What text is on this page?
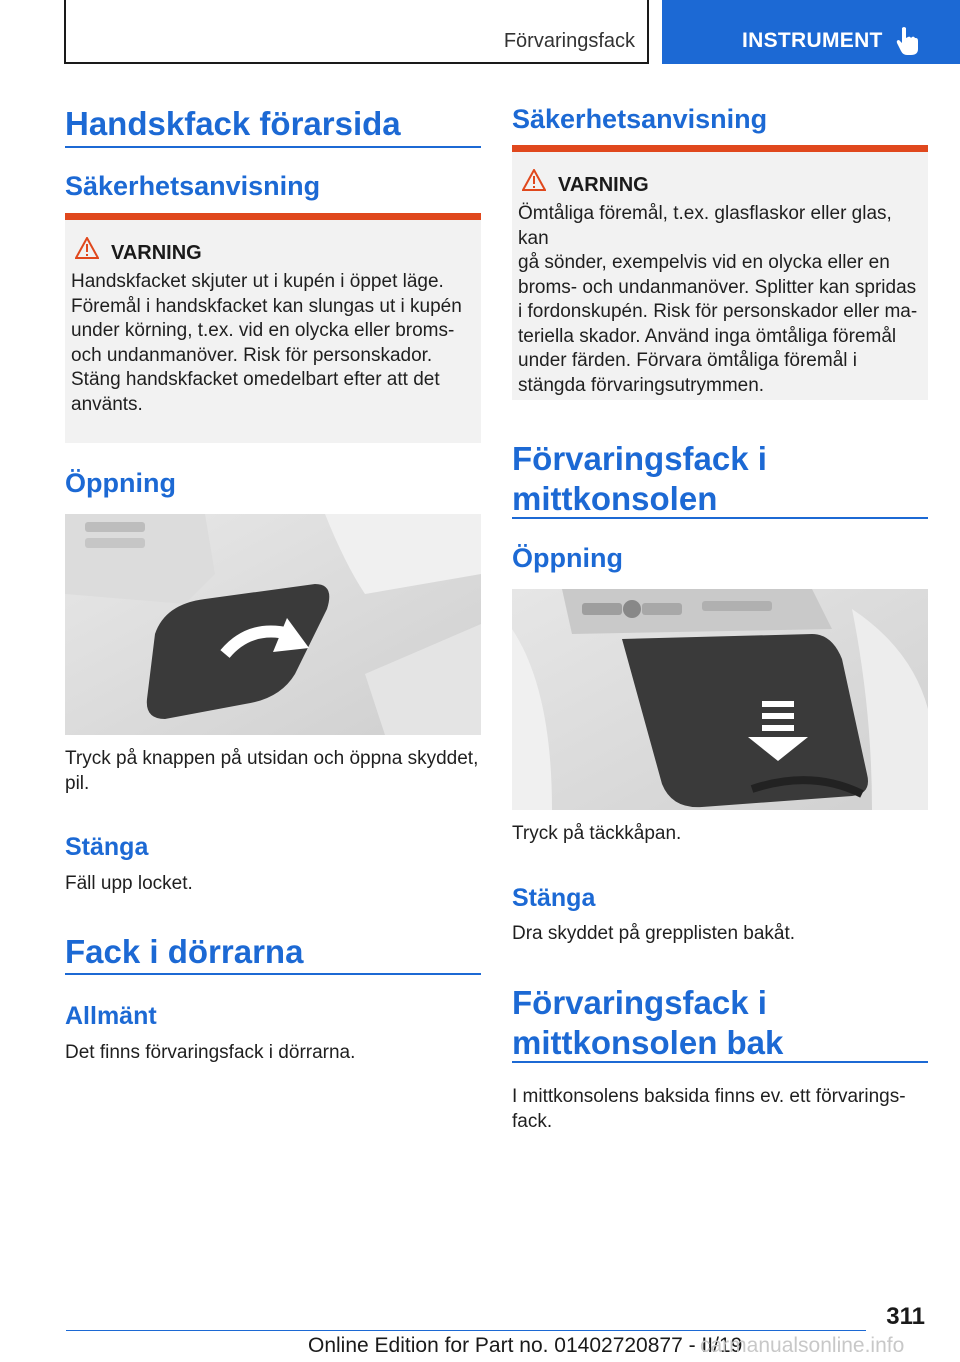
Förvaringsfack	INSTRUMENT
Handskfack förarsida
Säkerhetsanvisning
VARNING
Handskfacket skjuter ut i kupén i öppet läge.
Föremål i handskfacket kan slungas ut i kupén
under körning, t.ex. vid en olycka eller broms-
och undanmanöver. Risk för personskador.
Stäng handskfacket omedelbart efter att det
använts.
Öppning
Tryck på knappen på utsidan och öppna skyddet,
pil.
Stänga
Fäll upp locket.
Fack i dörrarna
Allmänt
Det finns förvaringsfack i dörrarna.
Säkerhetsanvisning
VARNING
Ömtåliga föremål, t.ex. glasflaskor eller glas, kan
gå sönder, exempelvis vid en olycka eller en
broms- och undanmanöver. Splitter kan spridas
i fordonskupén. Risk för personskador eller ma-
teriella skador. Använd inga ömtåliga föremål
under färden. Förvara ömtåliga föremål i
stängda förvaringsutrymmen.
Förvaringsfack i
mittkonsolen
Öppning
Tryck på täckkåpan.
Stänga
Dra skyddet på grepplisten bakåt.
Förvaringsfack i
mittkonsolen bak
I mittkonsolens baksida finns ev. ett förvarings-
fack.
311
Online Edition for Part no. 01402720877 - II/19
carmanualsonline.info
